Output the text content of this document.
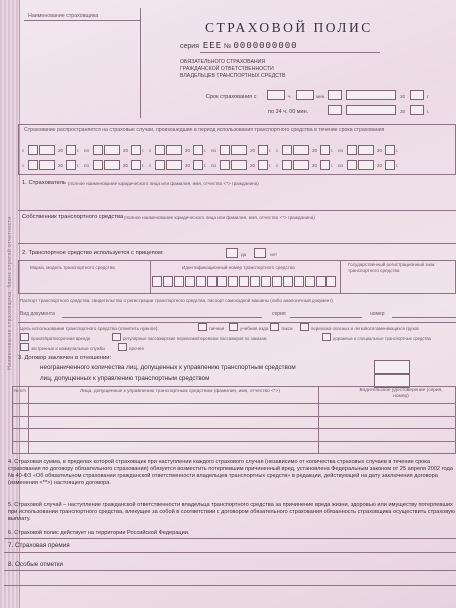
Наименование страховщика, бланк строгой отчетности
Наименование страховщика
СТРАХОВОЙ ПОЛИС
серия ЕЕЕ № 0000000000
ОБЯЗАТЕЛЬНОГО СТРАХОВАНИЯ
ГРАЖДАНСКОЙ ОТВЕТСТВЕННОСТИ
ВЛАДЕЛЬЦЕВ ТРАНСПОРТНЫХ СРЕДСТВ
Срок страхования с	ч.	мин.	20	г.
по 24 ч. 00 мин.	20	г.
Страхование распространяется на страховые случаи, произошедшие в период использования транспортного средства в течение срока страхования
с	20	г. по	20	г. с	20	г. по	20	г. с	20	г. по	20	г.
с	20	г. по	20	г. с	20	г. по	20	г. с	20	г. по	20	г.
1. Страхователь (полное наименование юридического лица или фамилия, имя, отчество <*> гражданина)
Собственник транспортного средства (полное наименование юридического лица или фамилия, имя, отчество <*> гражданина)
2. Транспортное средство используется с прицепом:	да	нет
Марка, модель транспортного средства	Идентификационный номер транспортного средства
Государственный регистрационный знак транспортного средства
Паспорт транспортного средства, свидетельство о регистрации транспортного средства, паспорт самоходной машины (либо аналогичный документ)
Вид документа	серия	номер
Цель использования транспортного средства (отметить нужное):	личная	учебная езда	такси	перевозка опасных и легковоспламеняющихся грузов
прокат/краткосрочная аренда	регулярные пассажирские перевозки/перевозки пассажиров по заказам	дорожные и специальные транспортные средства
экстренные и коммунальные службы	прочее
3. Договор заключен в отношении:
неограниченного количества лиц, допущенных к управлению транспортным средством
лиц, допущенных к управлению транспортным средством
№ п/п	Лица, допущенные к управлению транспортным средством (фамилия, имя, отчество <*>)	Водительское удостоверение (серия, номер)
4. Страховая сумма, в пределах которой страховщик при наступлении каждого страхового случая (независимо от количества страховых случаев в течение срока страхования по договору обязательного страхования) обязуется возместить потерпевшим причиненный вред, установлена Федеральным законом от 25 апреля 2002 года № 40-ФЗ «Об обязательном страховании гражданской ответственности владельцев транспортных средств» в редакции, действующей на дату заключения договора (изменения <**>) настоящего договора.
5. Страховой случай – наступление гражданской ответственности владельца транспортного средства за причинение вреда жизни, здоровью или имуществу потерпевших при использовании транспортного средства, влекущее за собой в соответствии с договором обязательного страхования обязанность страховщика осуществить страховую выплату.
6. Страховой полис действует на территории Российской Федерации.
7. Страховая премия
8. Особые отметки
